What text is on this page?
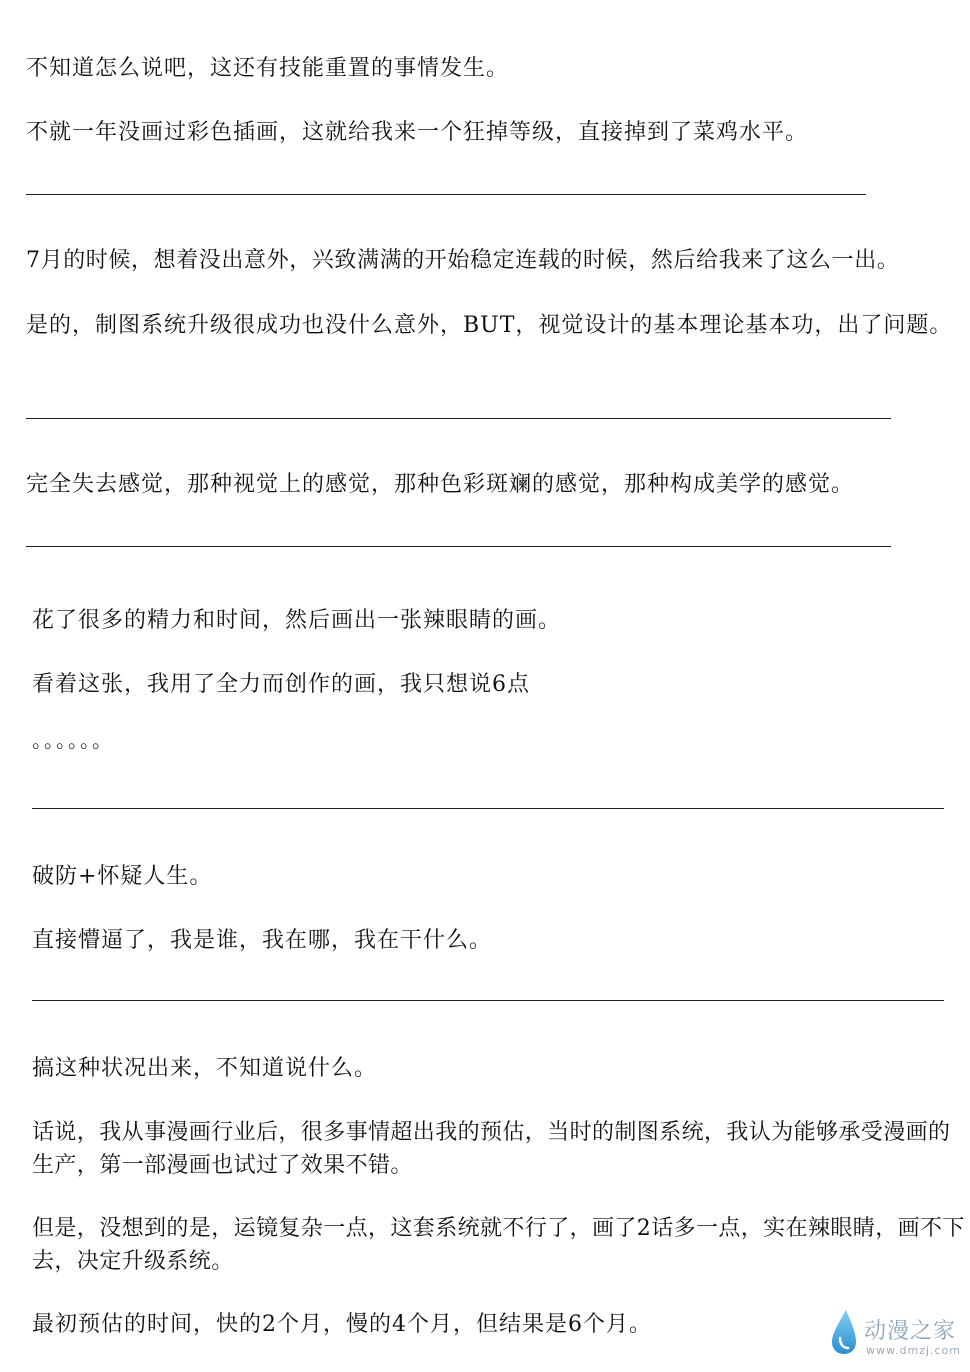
不知道怎么说吧，这还有技能重置的事情发生。

不就一年没画过彩色插画，这就给我来一个狂掉等级，直接掉到了菜鸡水平。

7月的时候，想着没出意外，兴致满满的开始稳定连载的时候，然后给我来了这么一出。

是的，制图系统升级很成功也没什么意外，BUT，视觉设计的基本理论基本功，出了问题。

完全失去感觉，那种视觉上的感觉，那种色彩斑斓的感觉，那种构成美学的感觉。

花了很多的精力和时间，然后画出一张辣眼睛的画。

看着这张，我用了全力而创作的画，我只想说6点

。。。。。。

破防+怀疑人生。

直接懵逼了，我是谁，我在哪，我在干什么。

搞这种状况出来，不知道说什么。

话说，我从事漫画行业后，很多事情超出我的预估，当时的制图系统，我认为能够承受漫画的生产，第一部漫画也试过了效果不错。

但是，没想到的是，运镜复杂一点，这套系统就不行了，画了2话多一点，实在辣眼睛，画不下去，决定升级系统。

最初预估的时间，快的2个月，慢的4个月，但结果是6个月。	动漫之家
www.dmzj.com
